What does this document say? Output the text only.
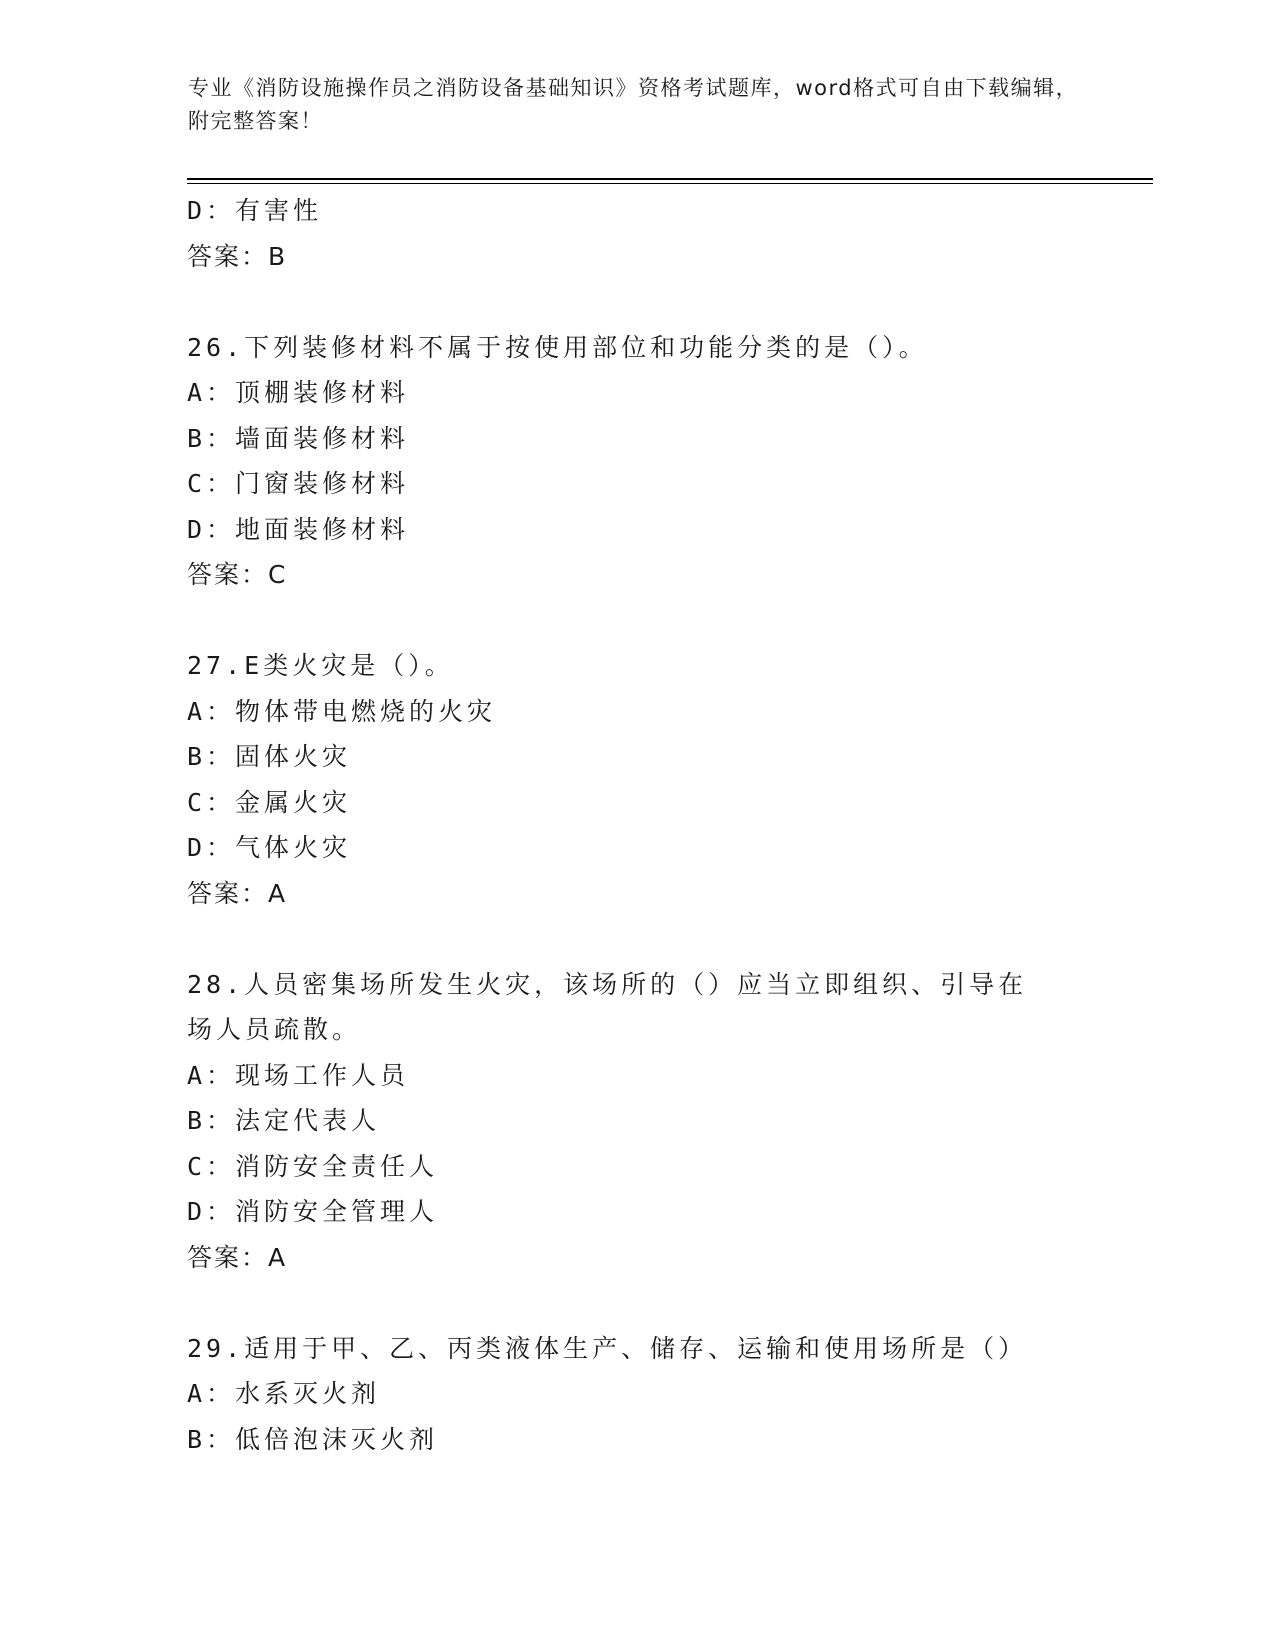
专业《消防设施操作员之消防设备基础知识》资格考试题库，word格式可自由下载编辑，附完整答案！
D：有害性
答案：B
26.下列装修材料不属于按使用部位和功能分类的是（）。
A：顶棚装修材料
B：墙面装修材料
C：门窗装修材料
D：地面装修材料
答案：C
27.E类火灾是（）。
A：物体带电燃烧的火灾
B：固体火灾
C：金属火灾
D：气体火灾
答案：A
28.人员密集场所发生火灾，该场所的（）应当立即组织、引导在场人员疏散。
A：现场工作人员
B：法定代表人
C：消防安全责任人
D：消防安全管理人
答案：A
29.适用于甲、乙、丙类液体生产、储存、运输和使用场所是（）
A：水系灭火剂
B：低倍泡沫灭火剂
